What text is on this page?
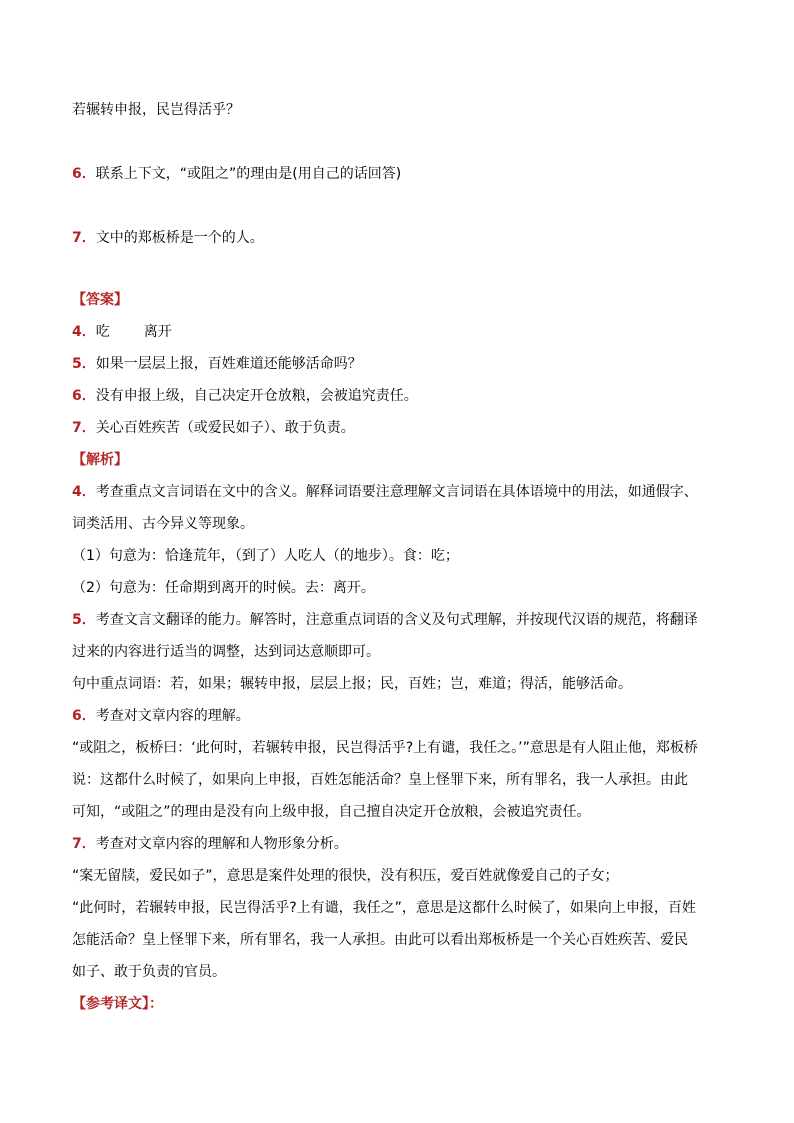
若辗转申报，民岂得活乎？
6．联系上下文，“或阻之”的理由是(用自己的话回答)
7．文中的郑板桥是一个的人。
【答案】
4．吃 离开
5．如果一层层上报，百姓难道还能够活命吗？
6．没有申报上级，自己决定开仓放粮，会被追究责任。
7．关心百姓疾苦（或爱民如子）、敢于负责。
【解析】
4．考查重点文言词语在文中的含义。解释词语要注意理解文言词语在具体语境中的用法，如通假字、
词类活用、古今异义等现象。
（1）句意为：恰逢荒年，（到了）人吃人（的地步）。食：吃；
（2）句意为：任命期到离开的时候。去：离开。
5．考查文言文翻译的能力。解答时，注意重点词语的含义及句式理解，并按现代汉语的规范，将翻译
过来的内容进行适当的调整，达到词达意顺即可。
句中重点词语：若，如果；辗转申报，层层上报；民，百姓；岂，难道；得活，能够活命。
6．考查对文章内容的理解。
“或阻之，板桥曰：‘此何时，若辗转申报，民岂得活乎?上有谴，我任之。’”意思是有人阻止他，郑板桥
说：这都什么时候了，如果向上申报，百姓怎能活命？皇上怪罪下来，所有罪名，我一人承担。由此
可知，“或阻之”的理由是没有向上级申报，自己擅自决定开仓放粮，会被追究责任。
7．考查对文章内容的理解和人物形象分析。
“案无留牍，爱民如子”，意思是案件处理的很快，没有积压，爱百姓就像爱自己的子女；
“此何时，若辗转申报，民岂得活乎?上有谴，我任之”，意思是这都什么时候了，如果向上申报，百姓
怎能活命？皇上怪罪下来，所有罪名，我一人承担。由此可以看出郑板桥是一个关心百姓疾苦、爱民
如子、敢于负责的官员。
【参考译文】：
